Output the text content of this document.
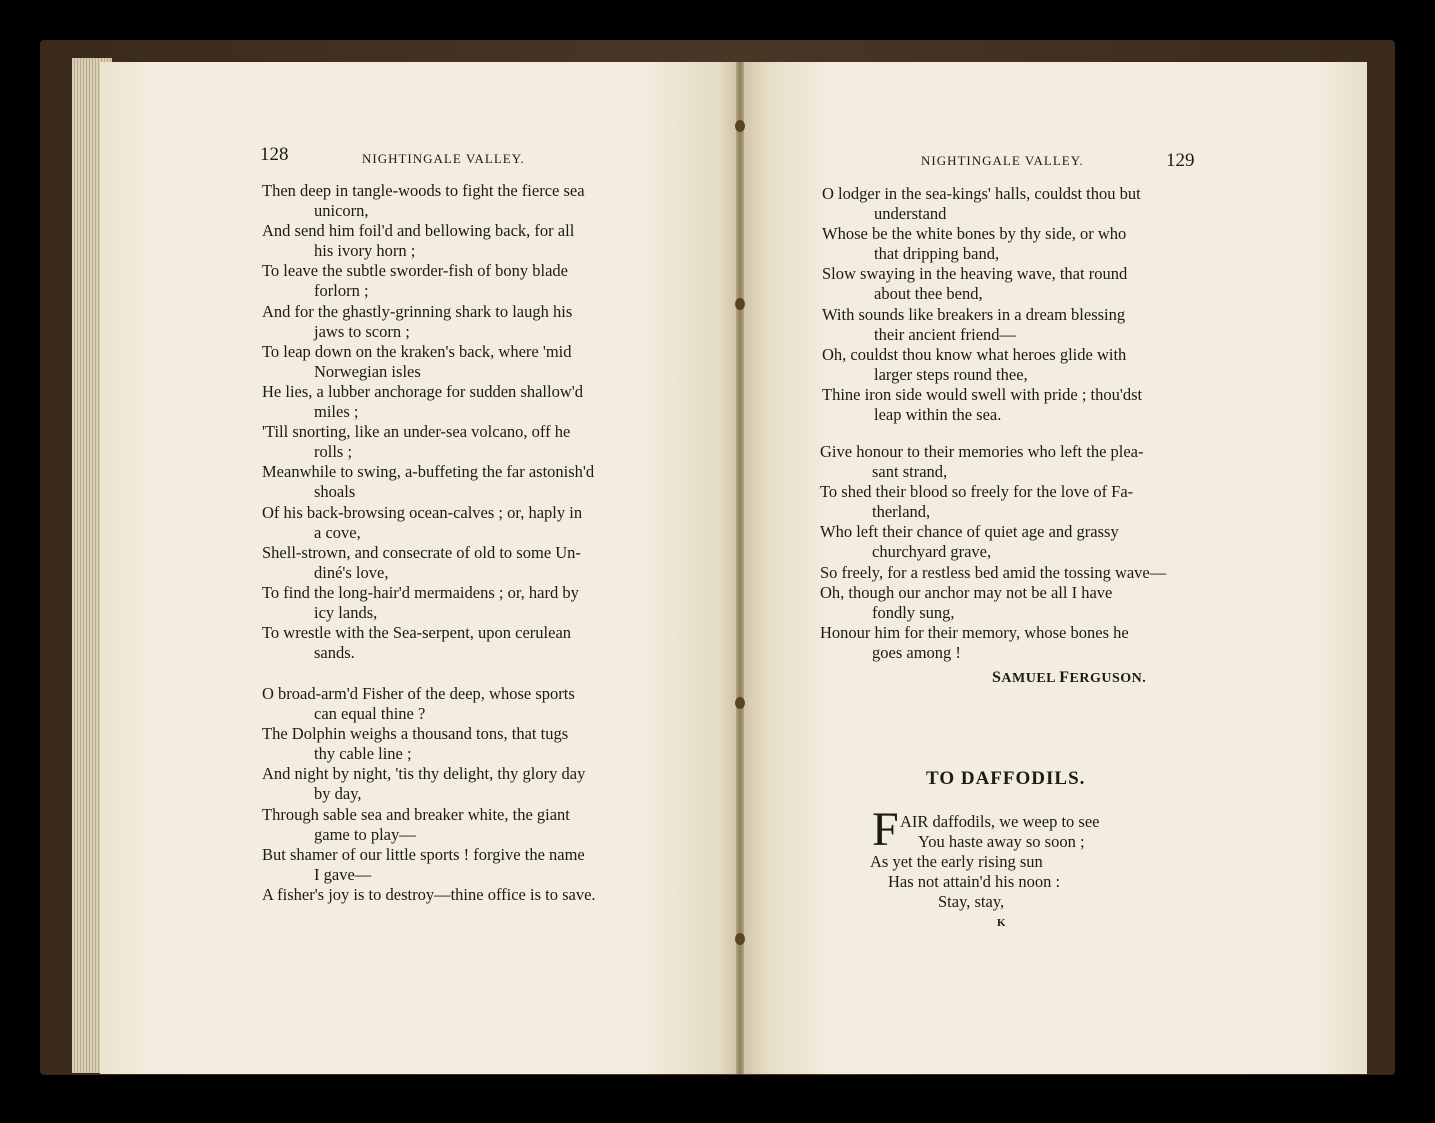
128	NIGHTINGALE VALLEY.
Then deep in tangle-woods to fight the fierce sea
unicorn,
And send him foil'd and bellowing back, for all
his ivory horn ;
To leave the subtle sworder-fish of bony blade
forlorn ;
And for the ghastly-grinning shark to laugh his
jaws to scorn ;
To leap down on the kraken's back, where 'mid
Norwegian isles
He lies, a lubber anchorage for sudden shallow'd
miles ;
'Till snorting, like an under-sea volcano, off he
rolls ;
Meanwhile to swing, a-buffeting the far astonish'd
shoals
Of his back-browsing ocean-calves ; or, haply in
a cove,
Shell-strown, and consecrate of old to some Un-
diné's love,
To find the long-hair'd mermaidens ; or, hard by
icy lands,
To wrestle with the Sea-serpent, upon cerulean
sands.
O broad-arm'd Fisher of the deep, whose sports
can equal thine ?
The Dolphin weighs a thousand tons, that tugs
thy cable line ;
And night by night, 'tis thy delight, thy glory day
by day,
Through sable sea and breaker white, the giant
game to play—
But shamer of our little sports ! forgive the name
I gave—
A fisher's joy is to destroy—thine office is to save.
NIGHTINGALE VALLEY.	129
O lodger in the sea-kings' halls, couldst thou but
understand
Whose be the white bones by thy side, or who
that dripping band,
Slow swaying in the heaving wave, that round
about thee bend,
With sounds like breakers in a dream blessing
their ancient friend—
Oh, couldst thou know what heroes glide with
larger steps round thee,
Thine iron side would swell with pride ; thou'dst
leap within the sea.
Give honour to their memories who left the plea-
sant strand,
To shed their blood so freely for the love of Fa-
therland,
Who left their chance of quiet age and grassy
churchyard grave,
So freely, for a restless bed amid the tossing wave—
Oh, though our anchor may not be all I have
fondly sung,
Honour him for their memory, whose bones he
goes among !
SAMUEL FERGUSON.
TO DAFFODILS.
F AIR daffodils, we weep to see
You haste away so soon ;
As yet the early rising sun
Has not attain'd his noon :
Stay, stay,
K
